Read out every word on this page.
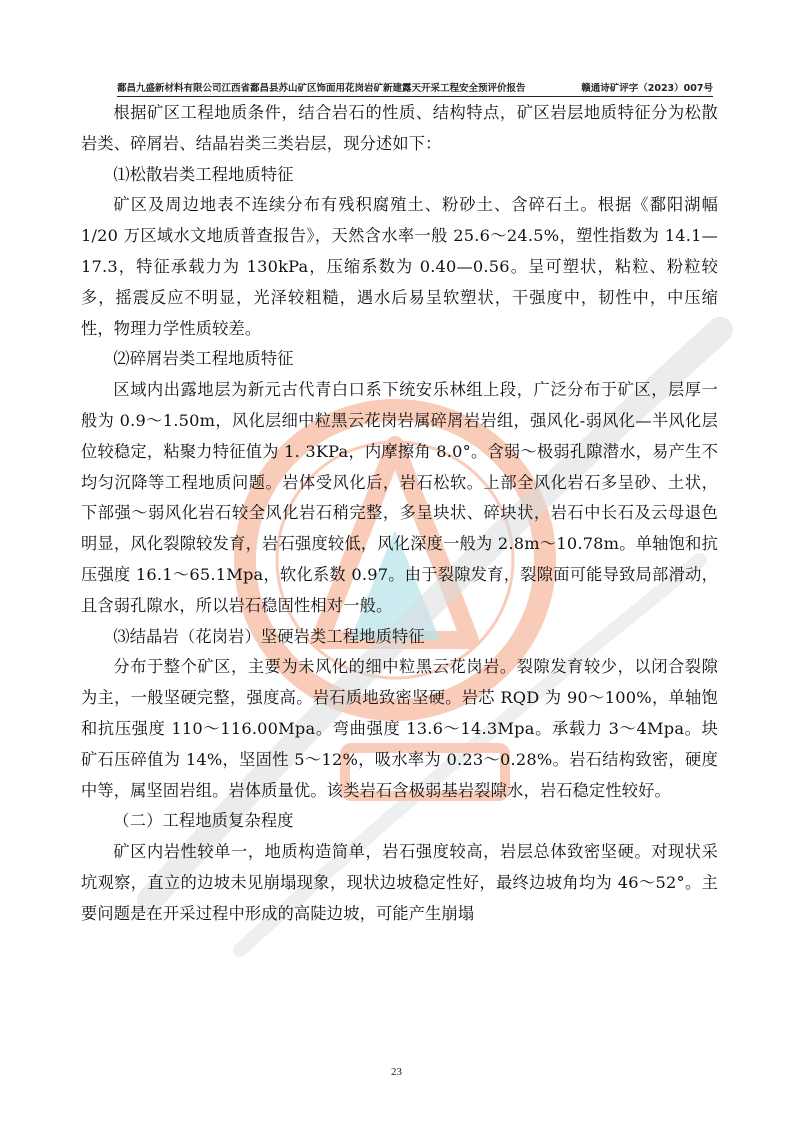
鄱昌九盛新材料有限公司江西省鄱昌县苏山矿区饰面用花岗岩矿新建露天开采工程安全预评价报告	赣通诗矿评字（2023）007号

根据矿区工程地质条件，结合岩石的性质、结构特点，矿区岩层地质特征分为松散岩类、碎屑岩、结晶岩类三类岩层，现分述如下：

⑴松散岩类工程地质特征

矿区及周边地表不连续分布有残积腐殖土、粉砂土、含碎石土。根据《鄱阳湖幅 1/20 万区域水文地质普查报告》，天然含水率一般 25.6～24.5%，塑性指数为 14.1—17.3，特征承载力为 130kPa，压缩系数为 0.40—0.56。呈可塑状，粘粒、粉粒较多，摇震反应不明显，光泽较粗糙，遇水后易呈软塑状，干强度中，韧性中，中压缩性，物理力学性质较差。

⑵碎屑岩类工程地质特征

区域内出露地层为新元古代青白口系下统安乐林组上段，广泛分布于矿区，层厚一般为 0.9～1.50m，风化层细中粒黑云花岗岩属碎屑岩岩组，强风化-弱风化—半风化层位较稳定，粘聚力特征值为 1. 3KPa，内摩擦角 8.0°。含弱～极弱孔隙潜水，易产生不均匀沉降等工程地质问题。岩体受风化后，岩石松软。上部全风化岩石多呈砂、土状，下部强～弱风化岩石较全风化岩石稍完整，多呈块状、碎块状，岩石中长石及云母退色明显，风化裂隙较发育，岩石强度较低，风化深度一般为 2.8m～10.78m。单轴饱和抗压强度 16.1～65.1Mpa，软化系数 0.97。由于裂隙发育，裂隙面可能导致局部滑动，且含弱孔隙水，所以岩石稳固性相对一般。

⑶结晶岩（花岗岩）坚硬岩类工程地质特征

分布于整个矿区，主要为未风化的细中粒黑云花岗岩。裂隙发育较少，以闭合裂隙为主，一般坚硬完整，强度高。岩石质地致密坚硬。岩芯 RQD 为 90～100%，单轴饱和抗压强度 110～116.00Mpa。弯曲强度 13.6～14.3Mpa。承载力 3～4Mpa。块矿石压碎值为 14%，坚固性 5～12%，吸水率为 0.23～0.28%。岩石结构致密，硬度中等，属坚固岩组。岩体质量优。该类岩石含极弱基岩裂隙水，岩石稳定性较好。

（二）工程地质复杂程度

矿区内岩性较单一，地质构造简单，岩石强度较高，岩层总体致密坚硬。对现状采坑观察，直立的边坡未见崩塌现象，现状边坡稳定性好，最终边坡角均为 46～52°。主要问题是在开采过程中形成的高陡边坡，可能产生崩塌

23
